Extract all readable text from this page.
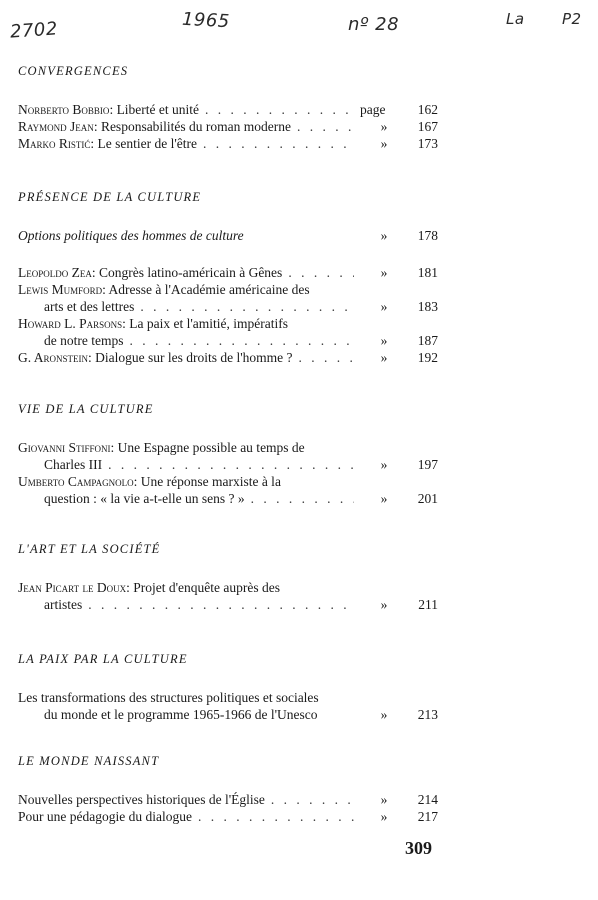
2702	1965	nº 28	La P2
CONVERGENCES
Norberto Bobbio: Liberté et unité . . .	page	162
Raymond Jean: Responsabilités du roman moderne . . .	»	167
Marko Ristić: Le sentier de l'être . . .	»	173
PRÉSENCE DE LA CULTURE
Options politiques des hommes de culture	»	178
Leopoldo Zea: Congrès latino-américain à Gênes . . .	»	181
Lewis Mumford: Adresse à l'Académie américaine des
arts et des lettres . . .	»	183
Howard L. Parsons: La paix et l'amitié, impératifs
de notre temps . . .	»	187
G. Aronstein: Dialogue sur les droits de l'homme ? . . .	»	192
VIE DE LA CULTURE
Giovanni Stiffoni: Une Espagne possible au temps de
Charles III . . .	»	197
Umberto Campagnolo: Une réponse marxiste à la
question : « la vie a-t-elle un sens ? » . . .	»	201
L'ART ET LA SOCIÉTÉ
Jean Picart le Doux: Projet d'enquête auprès des
artistes . . .	»	211
LA PAIX PAR LA CULTURE
Les transformations des structures politiques et sociales
du monde et le programme 1965-1966 de l'Unesco	»	213
LE MONDE NAISSANT
Nouvelles perspectives historiques de l'Église . . .	»	214
Pour une pédagogie du dialogue . . .	»	217
309
